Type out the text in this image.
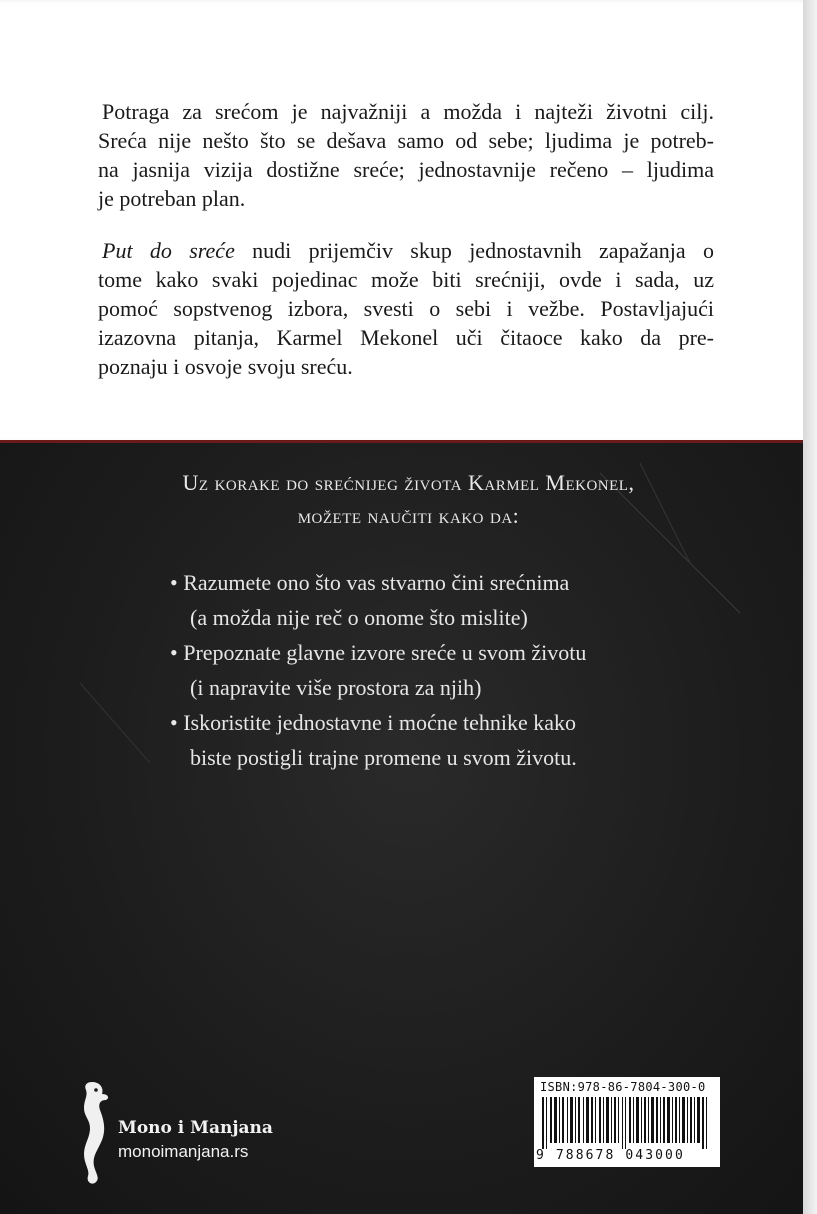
Potraga za srećom je najvažniji a možda i najteži životni cilj.
Sreća nije nešto što se dešava samo od sebe; ljudima je potreb-
na jasnija vizija dostižne sreće; jednostavnije rečeno – ljudima
je potreban plan.
Put do sreće nudi prijemčiv skup jednostavnih zapažanja o
tome kako svaki pojedinac može biti srećniji, ovde i sada, uz
pomoć sopstvenog izbora, svesti o sebi i vežbe. Postavljajući
izazovna pitanja, Karmel Mekonel uči čitaoce kako da pre-
poznaju i osvoje svoju sreću.
Uz korake do srećnijeg života Karmel Mekonel,
možete naučiti kako da:
• Razumete ono što vas stvarno čini srećnima
(a možda nije reč o onome što mislite)
• Prepoznate glavne izvore sreće u svom životu
(i napravite više prostora za njih)
• Iskoristite jednostavne i moćne tehnike kako
biste postigli trajne promene u svom životu.
Mono i Manjana
monoimanjana.rs
ISBN:978-86-7804-300-0
9 788678 043000
